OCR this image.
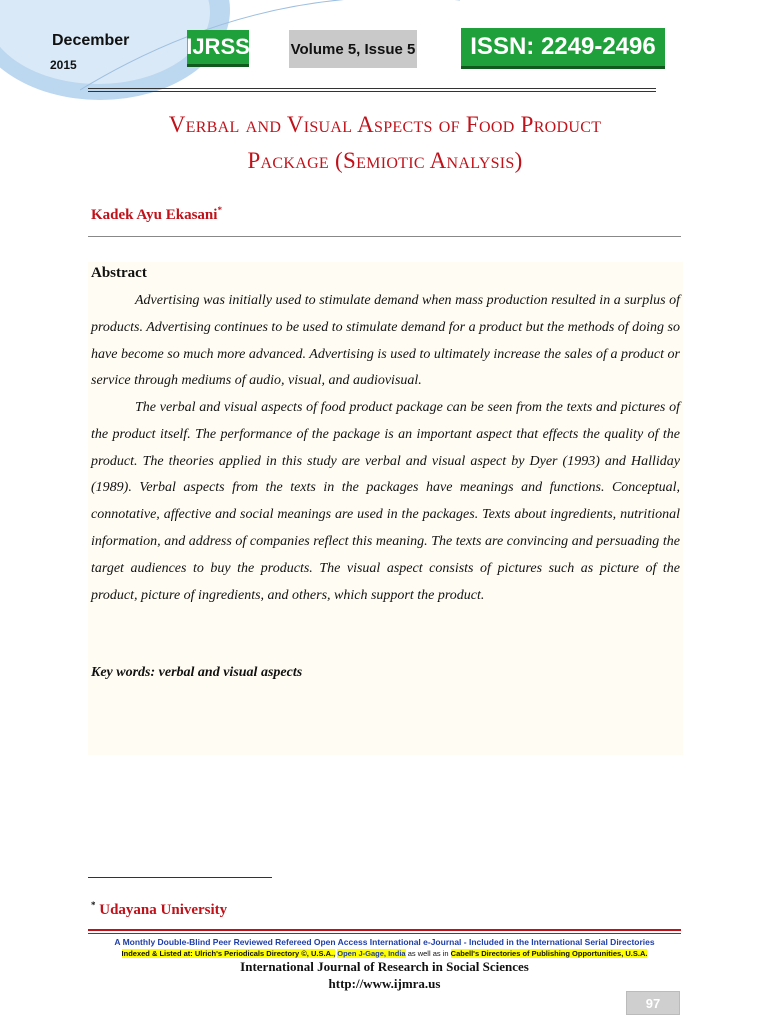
December
2015
IJRSS	Volume 5, Issue 5	ISSN: 2249-2496
Verbal and Visual Aspects of Food Product
Package (Semiotic Analysis)
Kadek Ayu Ekasani*
Abstract

Advertising was initially used to stimulate demand when mass production resulted in a surplus of products. Advertising continues to be used to stimulate demand for a product but the methods of doing so have become so much more advanced. Advertising is used to ultimately increase the sales of a product or service through mediums of audio, visual, and audiovisual.

The verbal and visual aspects of food product package can be seen from the texts and pictures of the product itself. The performance of the package is an important aspect that effects the quality of the product. The theories applied in this study are verbal and visual aspect by Dyer (1993) and Halliday (1989). Verbal aspects from the texts in the packages have meanings and functions. Conceptual, connotative, affective and social meanings are used in the packages. Texts about ingredients, nutritional information, and address of companies reflect this meaning. The texts are convincing and persuading the target audiences to buy the products. The visual aspect consists of pictures such as picture of the product, picture of ingredients, and others, which support the product.

Key words: verbal and visual aspects
* Udayana University
A Monthly Double-Blind Peer Reviewed Refereed Open Access International e-Journal - Included in the International Serial Directories
Indexed & Listed at: Ulrich's Periodicals Directory ©, U.S.A., Open J-Gage, India as well as in Cabell's Directories of Publishing Opportunities, U.S.A.
International Journal of Research in Social Sciences
http://www.ijmra.us
97
